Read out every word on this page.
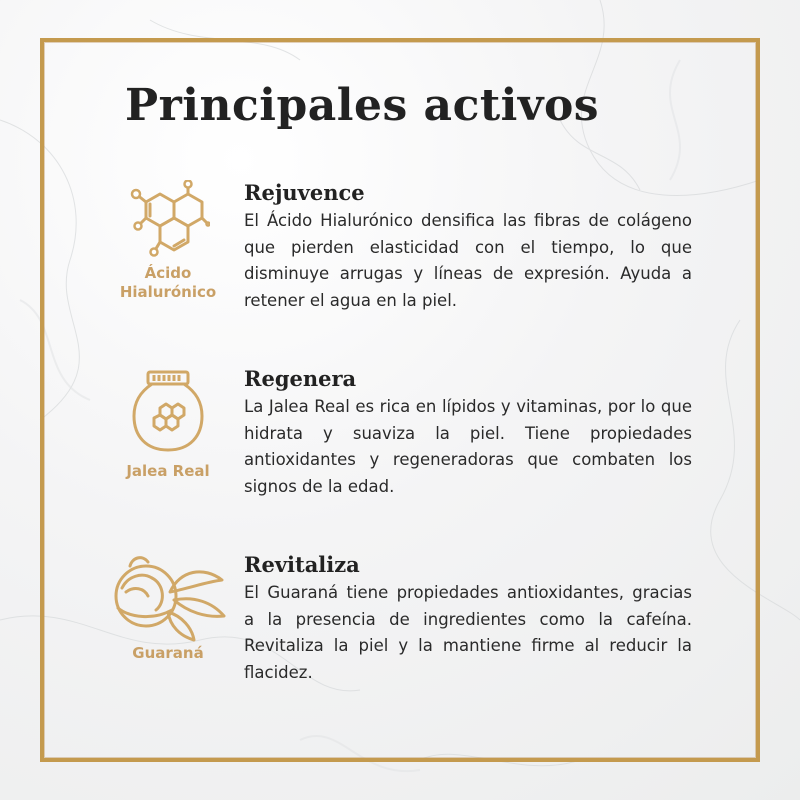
Principales activos
Ácido
Hialurónico
Rejuvence

El Ácido Hialurónico densifica las fibras de colágeno que pierden elasticidad con el tiempo, lo que disminuye arrugas y líneas de expresión. Ayuda a retener el agua en la piel.

Jalea Real
Regenera

La Jalea Real es rica en lípidos y vitaminas, por lo que hidrata y suaviza la piel. Tiene propiedades antioxidantes y regeneradoras que combaten los signos de la edad.

Guaraná
Revitaliza

El Guaraná tiene propiedades antioxidantes, gracias a la presencia de ingredientes como la cafeína. Revitaliza la piel y la mantiene firme al reducir la flacidez.
